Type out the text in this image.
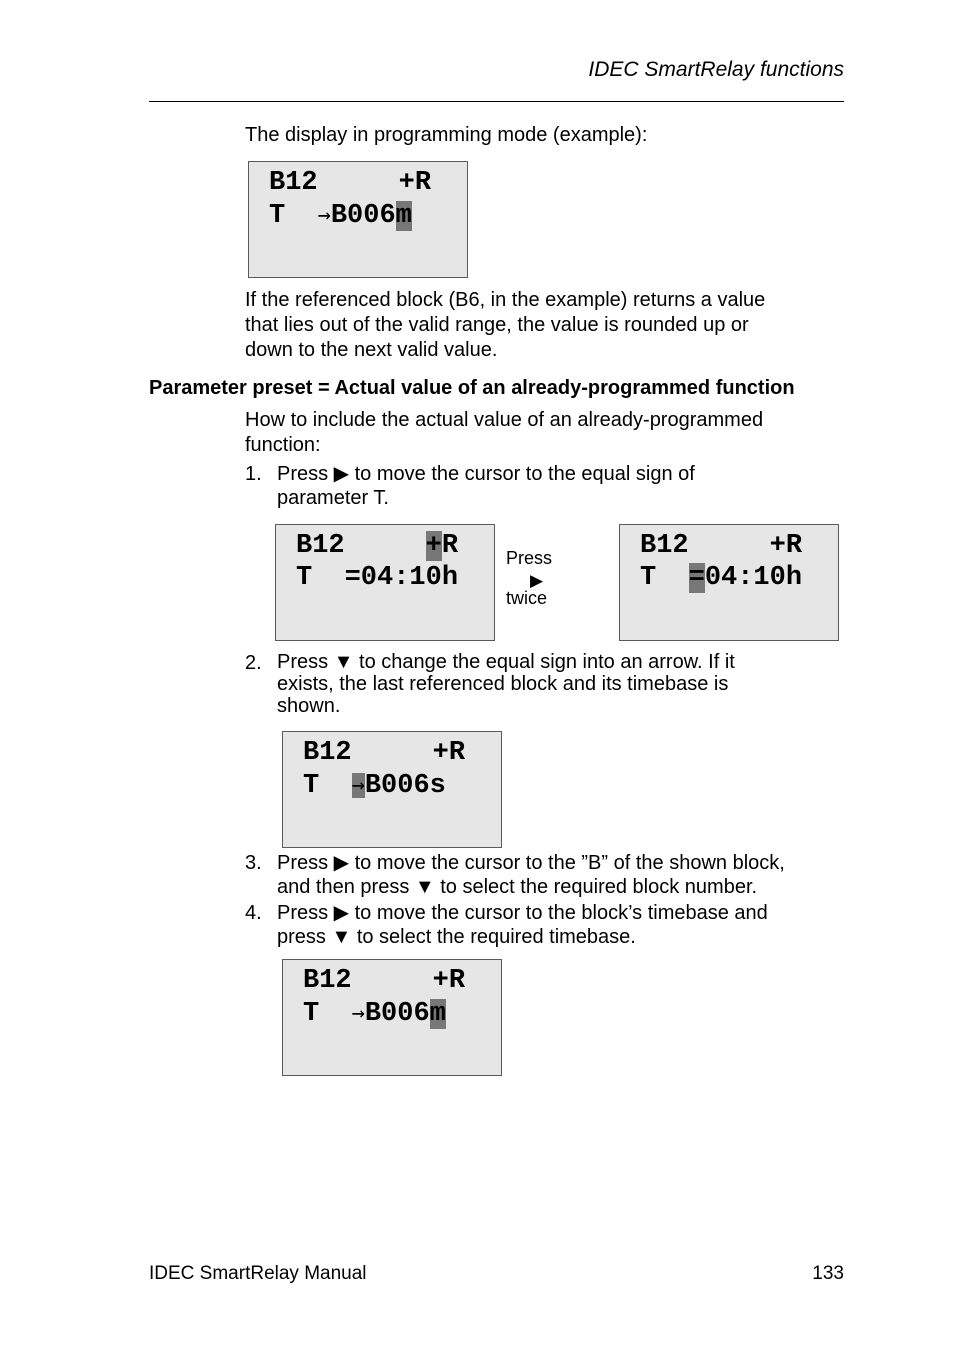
IDEC SmartRelay functions
The display in programming mode (example):
B12     +R
T  →B006m
If the referenced block (B6, in the example) returns a value
that lies out of the valid range, the value is rounded up or
down to the next valid value.
Parameter preset = Actual value of an already-programmed function
How to include the actual value of an already-programmed
function:
1. Press ▶ to move the cursor to the equal sign of
parameter T.
B12     +R
T  =04:10h
Press
▶
twice
B12     +R
T  =04:10h
2. Press ▼ to change the equal sign into an arrow. If it
exists, the last referenced block and its timebase is
shown.
B12     +R
T  →B006s
3. Press ▶ to move the cursor to the ”B” of the shown block,
and then press ▼ to select the required block number.
4. Press ▶ to move the cursor to the block’s timebase and
press ▼ to select the required timebase.
B12     +R
T  →B006m
IDEC SmartRelay Manual	133
